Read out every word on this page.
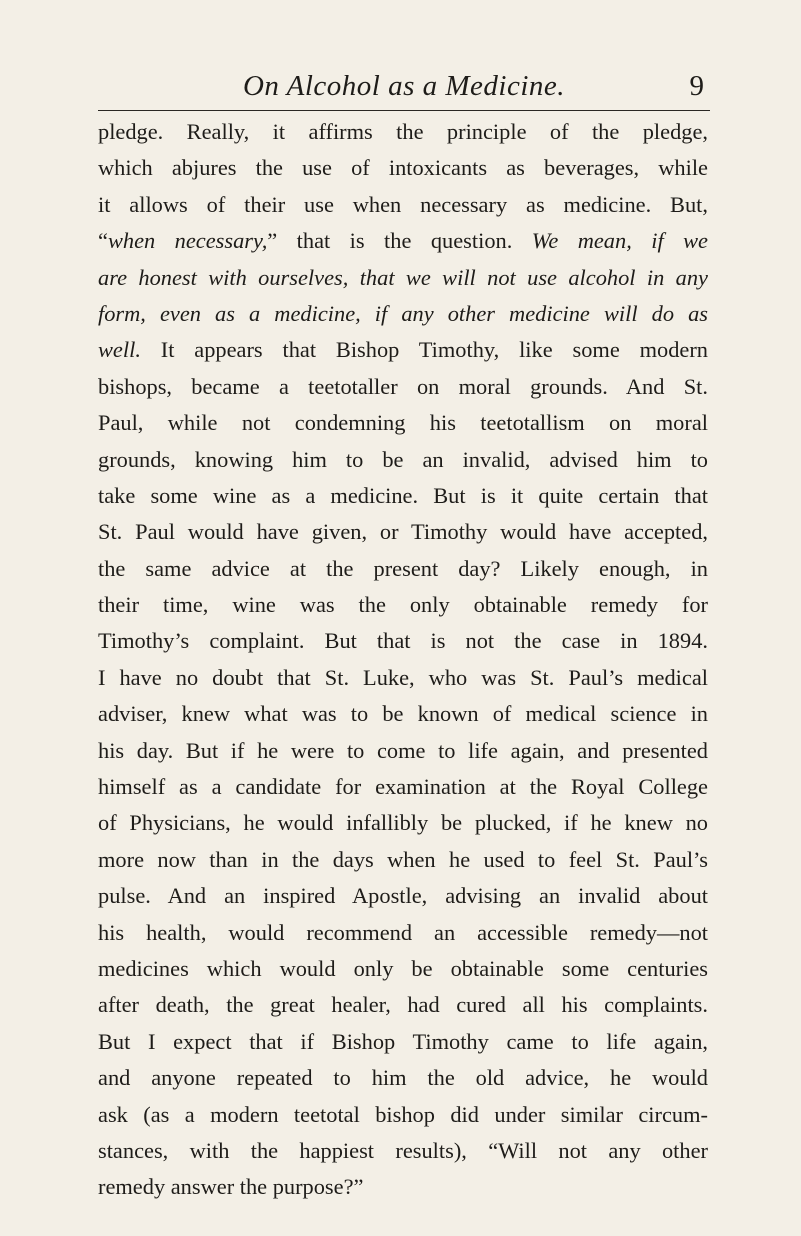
On Alcohol as a Medicine.	9
pledge. Really, it affirms the principle of the pledge,
which abjures the use of intoxicants as beverages, while
it allows of their use when necessary as medicine. But,
“when necessary,” that is the question. We mean, if we
are honest with ourselves, that we will not use alcohol in any
form, even as a medicine, if any other medicine will do as
well. It appears that Bishop Timothy, like some modern
bishops, became a teetotaller on moral grounds. And St.
Paul, while not condemning his teetotallism on moral
grounds, knowing him to be an invalid, advised him to
take some wine as a medicine. But is it quite certain that
St. Paul would have given, or Timothy would have accepted,
the same advice at the present day? Likely enough, in
their time, wine was the only obtainable remedy for
Timothy’s complaint. But that is not the case in 1894.
I have no doubt that St. Luke, who was St. Paul’s medical
adviser, knew what was to be known of medical science in
his day. But if he were to come to life again, and presented
himself as a candidate for examination at the Royal College
of Physicians, he would infallibly be plucked, if he knew no
more now than in the days when he used to feel St. Paul’s
pulse. And an inspired Apostle, advising an invalid about
his health, would recommend an accessible remedy—not
medicines which would only be obtainable some centuries
after death, the great healer, had cured all his complaints.
But I expect that if Bishop Timothy came to life again,
and anyone repeated to him the old advice, he would
ask (as a modern teetotal bishop did under similar circum-
stances, with the happiest results), “Will not any other
remedy answer the purpose?”
